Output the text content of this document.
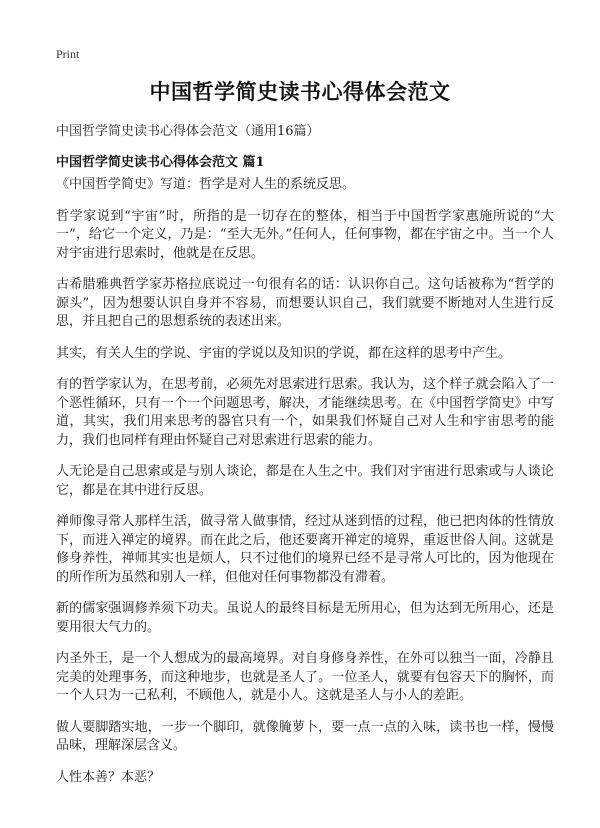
Print
中国哲学简史读书心得体会范文
中国哲学简史读书心得体会范文（通用16篇）
中国哲学简史读书心得体会范文 篇1

《中国哲学简史》写道：哲学是对人生的系统反思。

哲学家说到“宇宙”时，所指的是一切存在的整体，相当于中国哲学家惠施所说的“大一”，给它一个定义，乃是：“至大无外。”任何人，任何事物，都在宇宙之中。当一个人对宇宙进行思索时，他就是在反思。

古希腊雅典哲学家苏格拉底说过一句很有名的话：认识你自己。这句话被称为“哲学的源头”，因为想要认识自身并不容易，而想要认识自己，我们就要不断地对人生进行反思，并且把自己的思想系统的表述出来。

其实，有关人生的学说、宇宙的学说以及知识的学说，都在这样的思考中产生。

有的哲学家认为，在思考前，必须先对思索进行思索。我认为，这个样子就会陷入了一个恶性循环，只有一个一个问题思考，解决，才能继续思考。在《中国哲学简史》中写道，其实，我们用来思考的器官只有一个，如果我们怀疑自己对人生和宇宙思考的能力，我们也同样有理由怀疑自己对思索进行思索的能力。

人无论是自己思索或是与别人谈论，都是在人生之中。我们对宇宙进行思索或与人谈论它，都是在其中进行反思。

禅师像寻常人那样生活，做寻常人做事情，经过从迷到悟的过程，他已把肉体的性情放下，而进入禅定的境界。而在此之后，他还要离开禅定的境界，重返世俗人间。这就是修身养性，禅师其实也是烦人，只不过他们的境界已经不是寻常人可比的，因为他现在的所作所为虽然和别人一样，但他对任何事物都没有滞着。

新的儒家强调修养须下功夫。虽说人的最终目标是无所用心，但为达到无所用心，还是要用很大气力的。

内圣外王，是一个人想成为的最高境界。对自身修身养性，在外可以独当一面，冷静且完美的处理事务，而这种地步，也就是圣人了。一位圣人，就要有包容天下的胸怀，而一个人只为一己私利，不顾他人，就是小人。这就是圣人与小人的差距。

做人要脚踏实地，一步一个脚印，就像腌萝卜，要一点一点的入味，读书也一样，慢慢品味，理解深层含义。

人性本善？本恶？
